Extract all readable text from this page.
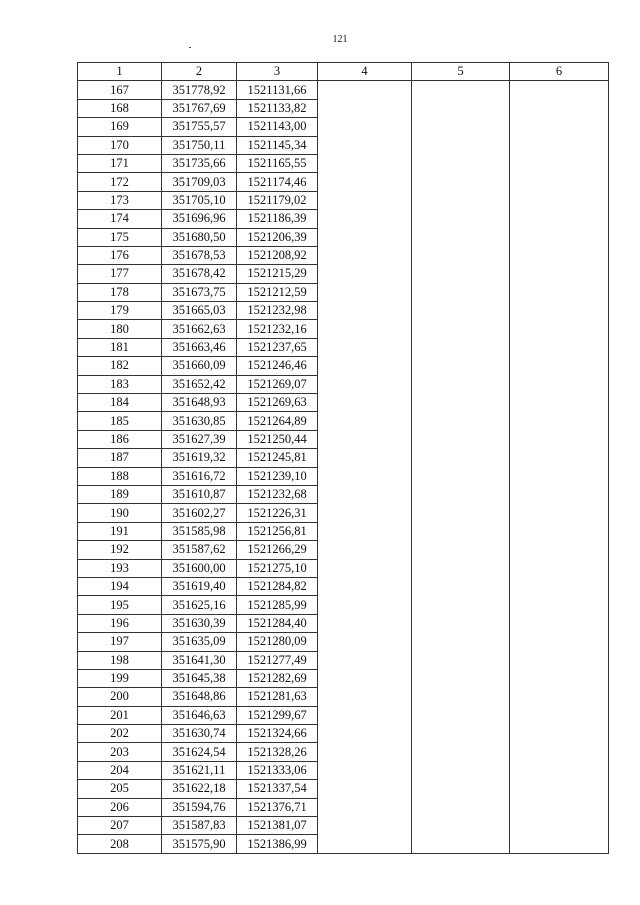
121
1	2	3	4	5	6
167	351778,92	1521131,66			
168	351767,69	1521133,82			
169	351755,57	1521143,00			
170	351750,11	1521145,34			
171	351735,66	1521165,55			
172	351709,03	1521174,46			
173	351705,10	1521179,02			
174	351696,96	1521186,39			
175	351680,50	1521206,39			
176	351678,53	1521208,92			
177	351678,42	1521215,29			
178	351673,75	1521212,59			
179	351665,03	1521232,98			
180	351662,63	1521232,16			
181	351663,46	1521237,65			
182	351660,09	1521246,46			
183	351652,42	1521269,07			
184	351648,93	1521269,63			
185	351630,85	1521264,89			
186	351627,39	1521250,44			
187	351619,32	1521245,81			
188	351616,72	1521239,10			
189	351610,87	1521232,68			
190	351602,27	1521226,31			
191	351585,98	1521256,81			
192	351587,62	1521266,29			
193	351600,00	1521275,10			
194	351619,40	1521284,82			
195	351625,16	1521285,99			
196	351630,39	1521284,40			
197	351635,09	1521280,09			
198	351641,30	1521277,49			
199	351645,38	1521282,69			
200	351648,86	1521281,63			
201	351646,63	1521299,67			
202	351630,74	1521324,66			
203	351624,54	1521328,26			
204	351621,11	1521333,06			
205	351622,18	1521337,54			
206	351594,76	1521376,71			
207	351587,83	1521381,07			
208	351575,90	1521386,99			
